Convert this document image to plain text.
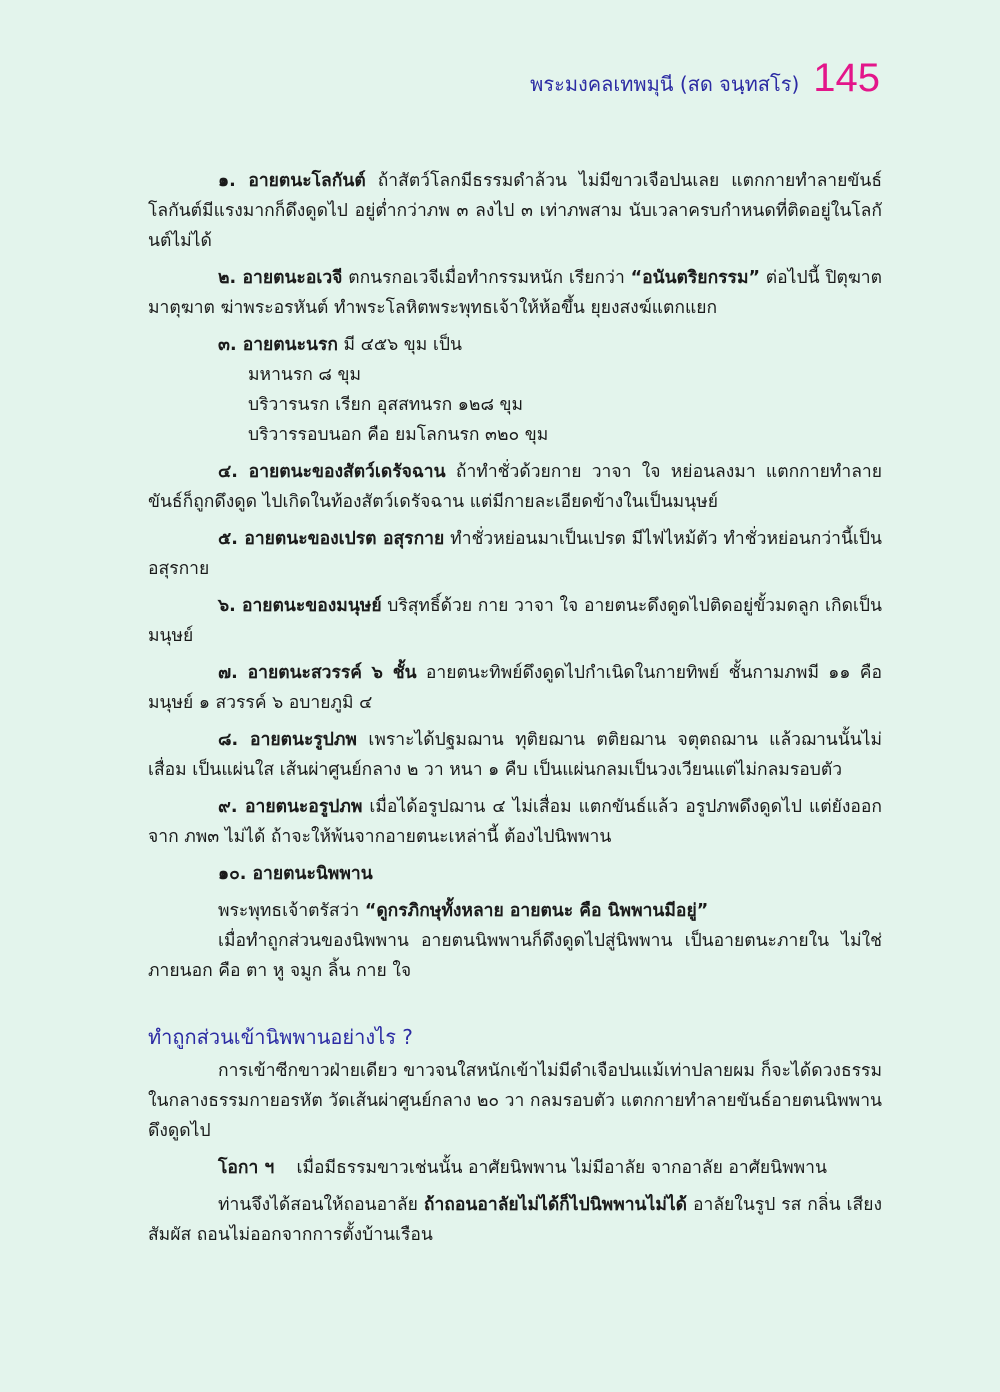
พระมงคลเทพมุนี (สด จนฺทสโร) 145

๑. อายตนะโลกันต์ ถ้าสัตว์โลกมีธรรมดำล้วน ไม่มีขาวเจือปนเลย แตกกายทำลายขันธ์ โลกันต์มีแรงมากก็ดึงดูดไป อยู่ต่ำกว่าภพ ๓ ลงไป ๓ เท่าภพสาม นับเวลาครบกำหนดที่ติดอยู่ในโลกันต์ไม่ได้

๒. อายตนะอเวจี ตกนรกอเวจีเมื่อทำกรรมหนัก เรียกว่า “อนันตริยกรรม” ต่อไปนี้ ปิตุฆาต มาตุฆาต ฆ่าพระอรหันต์ ทำพระโลหิตพระพุทธเจ้าให้ห้อขึ้น ยุยงสงฆ์แตกแยก

๓. อายตนะนรก มี ๔๕๖ ขุม เป็น

มหานรก ๘ ขุม

บริวารนรก เรียก อุสสทนรก ๑๒๘ ขุม

บริวารรอบนอก คือ ยมโลกนรก ๓๒๐ ขุม

๔. อายตนะของสัตว์เดรัจฉาน ถ้าทำชั่วด้วยกาย วาจา ใจ หย่อนลงมา แตกกายทำลายขันธ์ก็ถูกดึงดูด ไปเกิดในท้องสัตว์เดรัจฉาน แต่มีกายละเอียดข้างในเป็นมนุษย์

๕. อายตนะของเปรต อสุรกาย ทำชั่วหย่อนมาเป็นเปรต มีไฟไหม้ตัว ทำชั่วหย่อนกว่านี้เป็นอสุรกาย

๖. อายตนะของมนุษย์ บริสุทธิ์ด้วย กาย วาจา ใจ อายตนะดึงดูดไปติดอยู่ขั้วมดลูก เกิดเป็นมนุษย์

๗. อายตนะสวรรค์ ๖ ชั้น อายตนะทิพย์ดึงดูดไปกำเนิดในกายทิพย์ ชั้นกามภพมี ๑๑ คือ มนุษย์ ๑ สวรรค์ ๖ อบายภูมิ ๔

๘. อายตนะรูปภพ เพราะได้ปฐมฌาน ทุติยฌาน ตติยฌาน จตุตถฌาน แล้วฌานนั้นไม่เสื่อม เป็นแผ่นใส เส้นผ่าศูนย์กลาง ๒ วา หนา ๑ คืบ เป็นแผ่นกลมเป็นวงเวียนแต่ไม่กลมรอบตัว

๙. อายตนะอรูปภพ เมื่อได้อรูปฌาน ๔ ไม่เสื่อม แตกขันธ์แล้ว อรูปภพดึงดูดไป แต่ยังออกจาก ภพ๓ ไม่ได้ ถ้าจะให้พ้นจากอายตนะเหล่านี้ ต้องไปนิพพาน

๑๐. อายตนะนิพพาน

พระพุทธเจ้าตรัสว่า “ดูกรภิกษุทั้งหลาย อายตนะ คือ นิพพานมีอยู่”

เมื่อทำถูกส่วนของนิพพาน อายตนนิพพานก็ดึงดูดไปสู่นิพพาน เป็นอายตนะภายใน ไม่ใช่ภายนอก คือ ตา หู จมูก ลิ้น กาย ใจ

ทำถูกส่วนเข้านิพพานอย่างไร ?

การเข้าซีกขาวฝ่ายเดียว ขาวจนใสหนักเข้าไม่มีดำเจือปนแม้เท่าปลายผม ก็จะได้ดวงธรรม ในกลางธรรมกายอรหัต วัดเส้นผ่าศูนย์กลาง ๒๐ วา กลมรอบตัว แตกกายทำลายขันธ์อายตนนิพพานดึงดูดไป

โอกา ฯ    เมื่อมีธรรมขาวเช่นนั้น อาศัยนิพพาน ไม่มีอาลัย จากอาลัย อาศัยนิพพาน

ท่านจึงได้สอนให้ถอนอาลัย ถ้าถอนอาลัยไม่ได้ก็ไปนิพพานไม่ได้ อาลัยในรูป รส กลิ่น เสียง สัมผัส ถอนไม่ออกจากการตั้งบ้านเรือน
